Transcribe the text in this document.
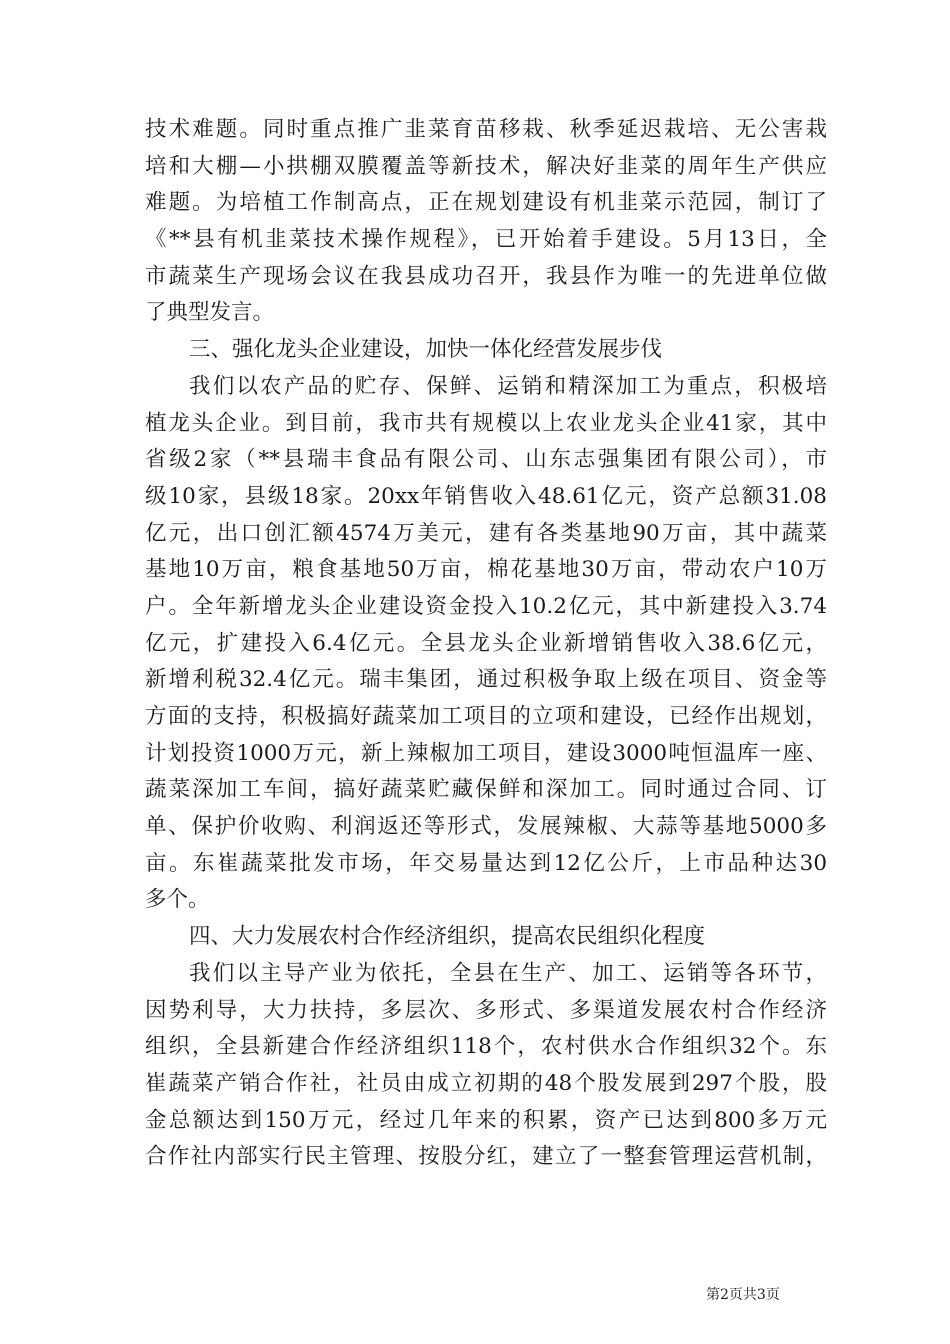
技术难题。同时重点推广韭菜育苗移栽、秋季延迟栽培、无公害栽
培和大棚—小拱棚双膜覆盖等新技术，解决好韭菜的周年生产供应
难题。为培植工作制高点，正在规划建设有机韭菜示范园，制订了
《**县有机韭菜技术操作规程》，已开始着手建设。5月13日，全
市蔬菜生产现场会议在我县成功召开，我县作为唯一的先进单位做
了典型发言。
三、强化龙头企业建设，加快一体化经营发展步伐
我们以农产品的贮存、保鲜、运销和精深加工为重点，积极培
植龙头企业。到目前，我市共有规模以上农业龙头企业41家，其中
省级2家（**县瑞丰食品有限公司、山东志强集团有限公司），市
级10家，县级18家。20xx年销售收入48.61亿元，资产总额31.08
亿元，出口创汇额4574万美元，建有各类基地90万亩，其中蔬菜
基地10万亩，粮食基地50万亩，棉花基地30万亩，带动农户10万
户。全年新增龙头企业建设资金投入10.2亿元，其中新建投入3.74
亿元，扩建投入6.4亿元。全县龙头企业新增销售收入38.6亿元，
新增利税32.4亿元。瑞丰集团，通过积极争取上级在项目、资金等
方面的支持，积极搞好蔬菜加工项目的立项和建设，已经作出规划，
计划投资1000万元，新上辣椒加工项目，建设3000吨恒温库一座、
蔬菜深加工车间，搞好蔬菜贮藏保鲜和深加工。同时通过合同、订
单、保护价收购、利润返还等形式，发展辣椒、大蒜等基地5000多
亩。东崔蔬菜批发市场，年交易量达到12亿公斤，上市品种达30
多个。
四、大力发展农村合作经济组织，提高农民组织化程度
我们以主导产业为依托，全县在生产、加工、运销等各环节，
因势利导，大力扶持，多层次、多形式、多渠道发展农村合作经济
组织，全县新建合作经济组织118个，农村供水合作组织32个。东
崔蔬菜产销合作社，社员由成立初期的48个股发展到297个股，股
金总额达到150万元，经过几年来的积累，资产已达到800多万元
合作社内部实行民主管理、按股分红，建立了一整套管理运营机制，
第2页共3页
